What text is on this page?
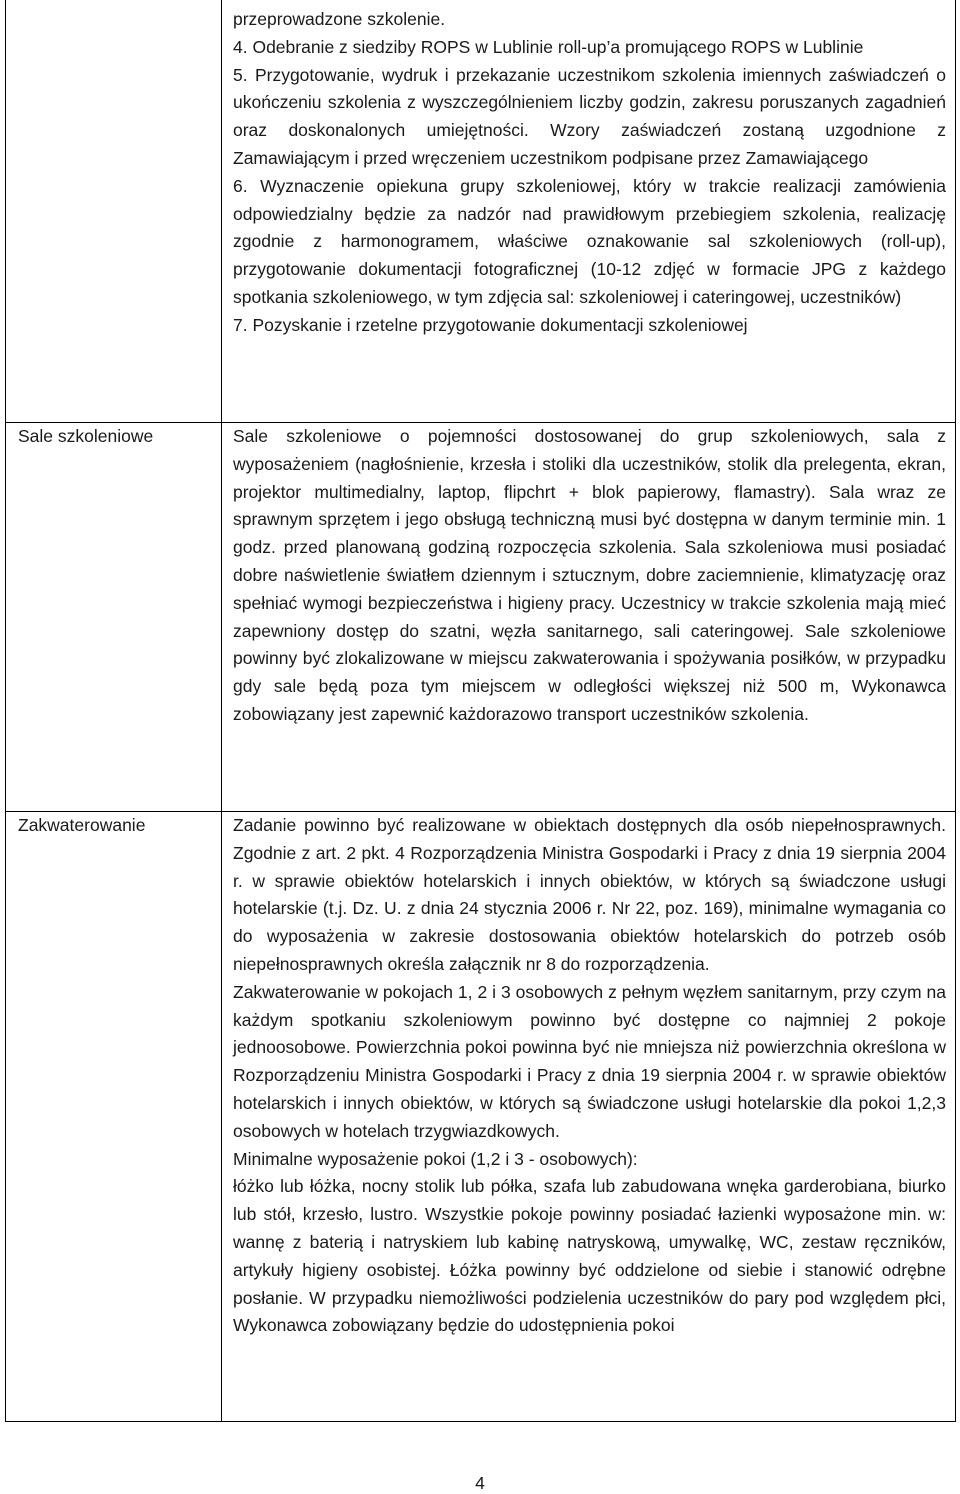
przeprowadzone szkolenie.

4. Odebranie z siedziby ROPS w Lublinie roll-up’a promującego ROPS w Lublinie

5. Przygotowanie, wydruk i przekazanie uczestnikom szkolenia imiennych zaświadczeń o ukończeniu szkolenia z wyszczególnieniem liczby godzin, zakresu poruszanych zagadnień oraz doskonalonych umiejętności. Wzory zaświadczeń zostaną uzgodnione z Zamawiającym i przed wręczeniem uczestnikom podpisane przez Zamawiającego

6. Wyznaczenie opiekuna grupy szkoleniowej, który w trakcie realizacji zamówienia odpowiedzialny będzie za nadzór nad prawidłowym przebiegiem szkolenia, realizację zgodnie z harmonogramem, właściwe oznakowanie sal szkoleniowych (roll-up), przygotowanie dokumentacji fotograficznej (10-12 zdjęć w formacie JPG z każdego spotkania szkoleniowego, w tym zdjęcia sal: szkoleniowej i cateringowej, uczestników)

7. Pozyskanie i rzetelne przygotowanie dokumentacji szkoleniowej

Sale szkoleniowe	Sale szkoleniowe o pojemności dostosowanej do grup szkoleniowych, sala z wyposażeniem (nagłośnienie, krzesła i stoliki dla uczestników, stolik dla prelegenta, ekran, projektor multimedialny, laptop, flipchrt + blok papierowy, flamastry). Sala wraz ze sprawnym sprzętem i jego obsługą techniczną musi być dostępna w danym terminie min. 1 godz. przed planowaną godziną rozpoczęcia szkolenia. Sala szkoleniowa musi posiadać dobre naświetlenie światłem dziennym i sztucznym, dobre zaciemnienie, klimatyzację oraz spełniać wymogi bezpieczeństwa i higieny pracy. Uczestnicy w trakcie szkolenia mają mieć zapewniony dostęp do szatni, węzła sanitarnego, sali cateringowej. Sale szkoleniowe powinny być zlokalizowane w miejscu zakwaterowania i spożywania posiłków, w przypadku gdy sale będą poza tym miejscem w odległości większej niż 500 m, Wykonawca zobowiązany jest zapewnić każdorazowo transport uczestników szkolenia.

Zakwaterowanie	Zadanie powinno być realizowane w obiektach dostępnych dla osób niepełnosprawnych. Zgodnie z art. 2 pkt. 4 Rozporządzenia Ministra Gospodarki i Pracy z dnia 19 sierpnia 2004 r. w sprawie obiektów hotelarskich i innych obiektów, w których są świadczone usługi hotelarskie (t.j. Dz. U. z dnia 24 stycznia 2006 r. Nr 22, poz. 169), minimalne wymagania co do wyposażenia w zakresie dostosowania obiektów hotelarskich do potrzeb osób niepełnosprawnych określa załącznik nr 8 do rozporządzenia.

Zakwaterowanie w pokojach 1, 2 i 3 osobowych z pełnym węzłem sanitarnym, przy czym na każdym spotkaniu szkoleniowym powinno być dostępne co najmniej 2 pokoje jednoosobowe. Powierzchnia pokoi powinna być nie mniejsza niż powierzchnia określona w Rozporządzeniu Ministra Gospodarki i Pracy z dnia 19 sierpnia 2004 r. w sprawie obiektów hotelarskich i innych obiektów, w których są świadczone usługi hotelarskie dla pokoi 1,2,3 osobowych w hotelach trzygwiazdkowych.

Minimalne wyposażenie pokoi (1,2 i 3 - osobowych):

łóżko lub łóżka, nocny stolik lub półka, szafa lub zabudowana wnęka garderobiana, biurko lub stół, krzesło, lustro. Wszystkie pokoje powinny posiadać łazienki wyposażone min. w: wannę z baterią i natryskiem lub kabinę natryskową, umywalkę, WC, zestaw ręczników, artykuły higieny osobistej. Łóżka powinny być oddzielone od siebie i stanowić odrębne posłanie. W przypadku niemożliwości podzielenia uczestników do pary pod względem płci, Wykonawca zobowiązany będzie do udostępnienia pokoi

4
